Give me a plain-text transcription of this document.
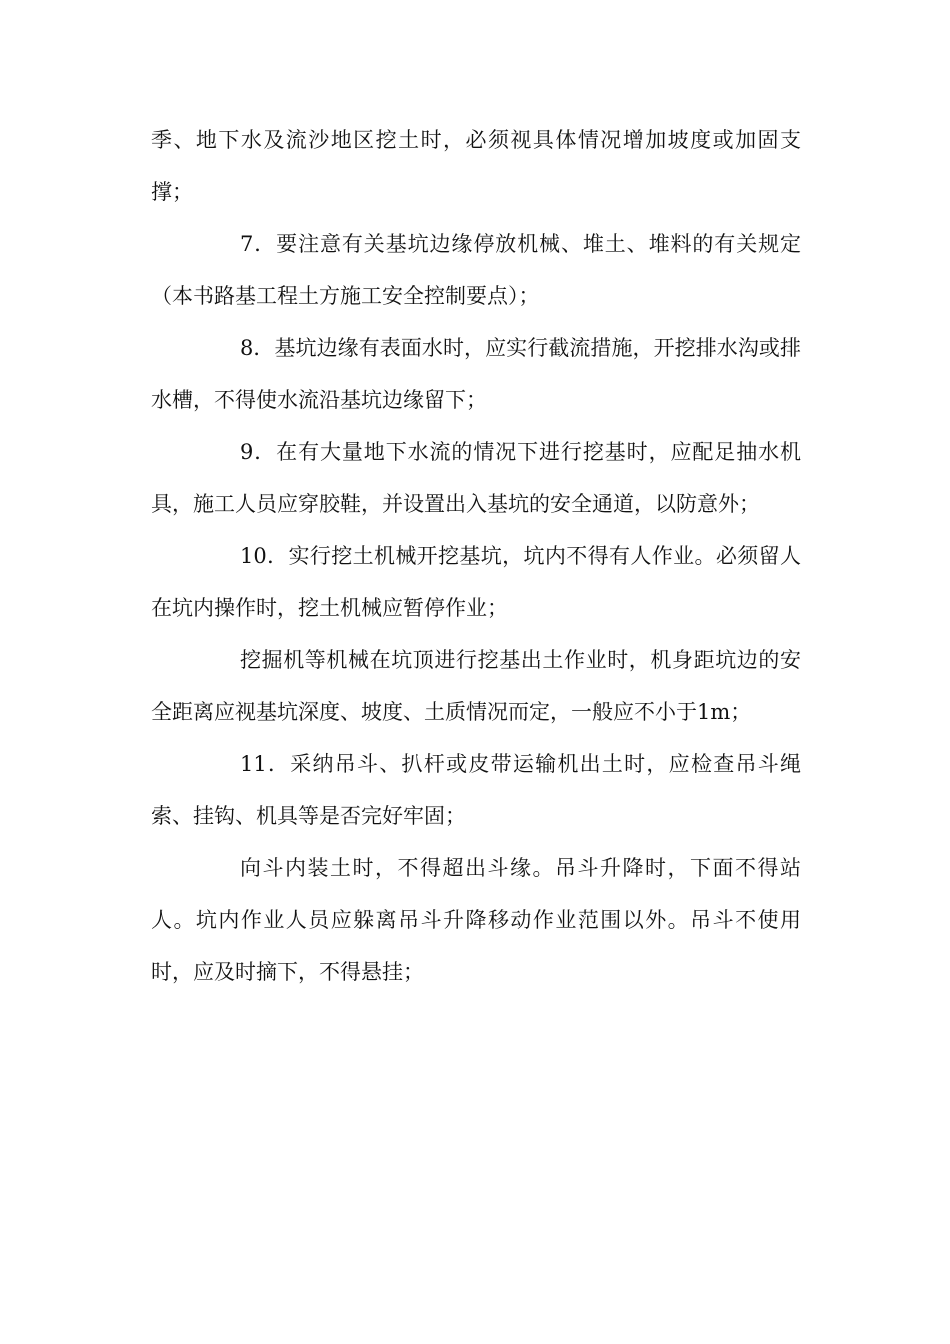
季、地下水及流沙地区挖土时，必须视具体情况增加坡度或加固支撑；

7．要注意有关基坑边缘停放机械、堆土、堆料的有关规定（本书路基工程土方施工安全控制要点）；

8．基坑边缘有表面水时，应实行截流措施，开挖排水沟或排水槽，不得使水流沿基坑边缘留下；

9．在有大量地下水流的情况下进行挖基时，应配足抽水机具，施工人员应穿胶鞋，并设置出入基坑的安全通道，以防意外；

10．实行挖土机械开挖基坑，坑内不得有人作业。必须留人在坑内操作时，挖土机械应暂停作业；

挖掘机等机械在坑顶进行挖基出土作业时，机身距坑边的安全距离应视基坑深度、坡度、土质情况而定，一般应不小于1m；

11．采纳吊斗、扒杆或皮带运输机出土时，应检查吊斗绳索、挂钩、机具等是否完好牢固；

向斗内装土时，不得超出斗缘。吊斗升降时，下面不得站人。坑内作业人员应躲离吊斗升降移动作业范围以外。吊斗不使用时，应及时摘下，不得悬挂；
